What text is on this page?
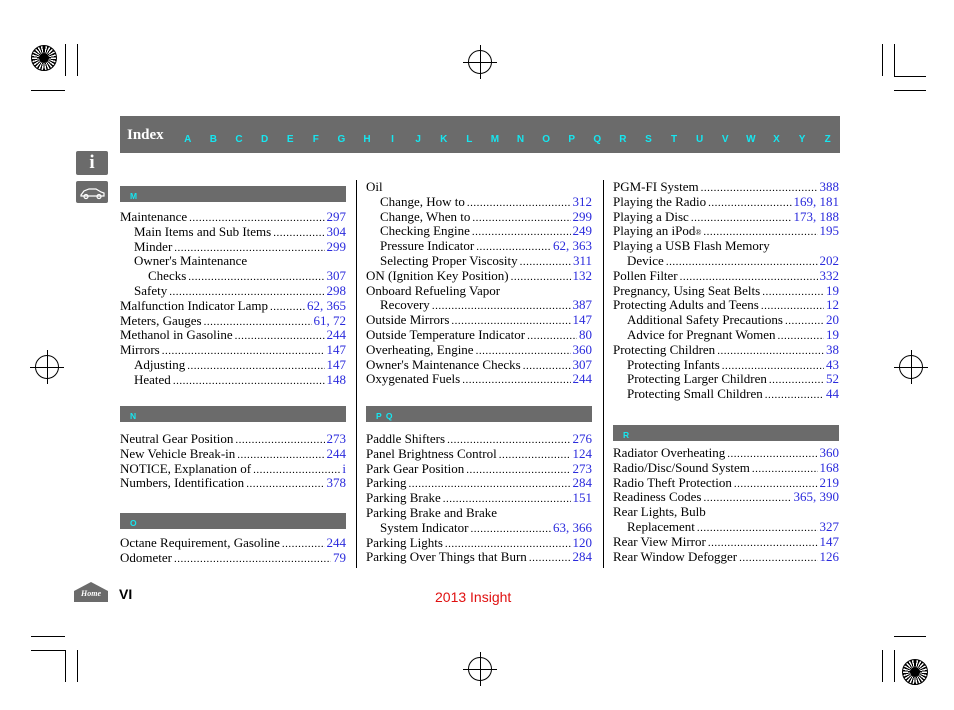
Index	A	B	C	D	E	F	G	H	I	J	K	L	M	N	O	P	Q	R	S	T	U	V	W	X	Y	Z
i
M
Maintenance .....	297
Main Items and Sub Items .....	304
Minder .....	299
Owner's Maintenance
Checks .....	307
Safety .....	298
Malfunction Indicator Lamp .....	62, 365
Meters, Gauges .....	61, 72
Methanol in Gasoline .....	244
Mirrors .....	147
Adjusting .....	147
Heated .....	148
N
Neutral Gear Position .....	273
New Vehicle Break-in .....	244
NOTICE, Explanation of .....	i
Numbers, Identification .....	378
O
Octane Requirement, Gasoline .....	244
Odometer .....	79
Oil
Change, How to .....	312
Change, When to .....	299
Checking Engine .....	249
Pressure Indicator .....	62, 363
Selecting Proper Viscosity .....	311
ON (Ignition Key Position) .....	132
Onboard Refueling Vapor
Recovery .....	387
Outside Mirrors .....	147
Outside Temperature Indicator .....	80
Overheating, Engine .....	360
Owner's Maintenance Checks .....	307
Oxygenated Fuels .....	244
P Q
Paddle Shifters .....	276
Panel Brightness Control .....	124
Park Gear Position .....	273
Parking .....	284
Parking Brake .....	151
Parking Brake and Brake
System Indicator .....	63, 366
Parking Lights .....	120
Parking Over Things that Burn .....	284
PGM-FI System .....	388
Playing the Radio .....	169, 181
Playing a Disc .....	173, 188
Playing an iPod ® .....	195
Playing a USB Flash Memory
Device .....	202
Pollen Filter .....	332
Pregnancy, Using Seat Belts .....	19
Protecting Adults and Teens .....	12
Additional Safety Precautions .....	20
Advice for Pregnant Women .....	19
Protecting Children .....	38
Protecting Infants .....	43
Protecting Larger Children .....	52
Protecting Small Children .....	44
R
Radiator Overheating .....	360
Radio/Disc/Sound System .....	168
Radio Theft Protection .....	219
Readiness Codes .....	365, 390
Rear Lights, Bulb
Replacement .....	327
Rear View Mirror .....	147
Rear Window Defogger .....	126
Home	VI	2013 Insight
